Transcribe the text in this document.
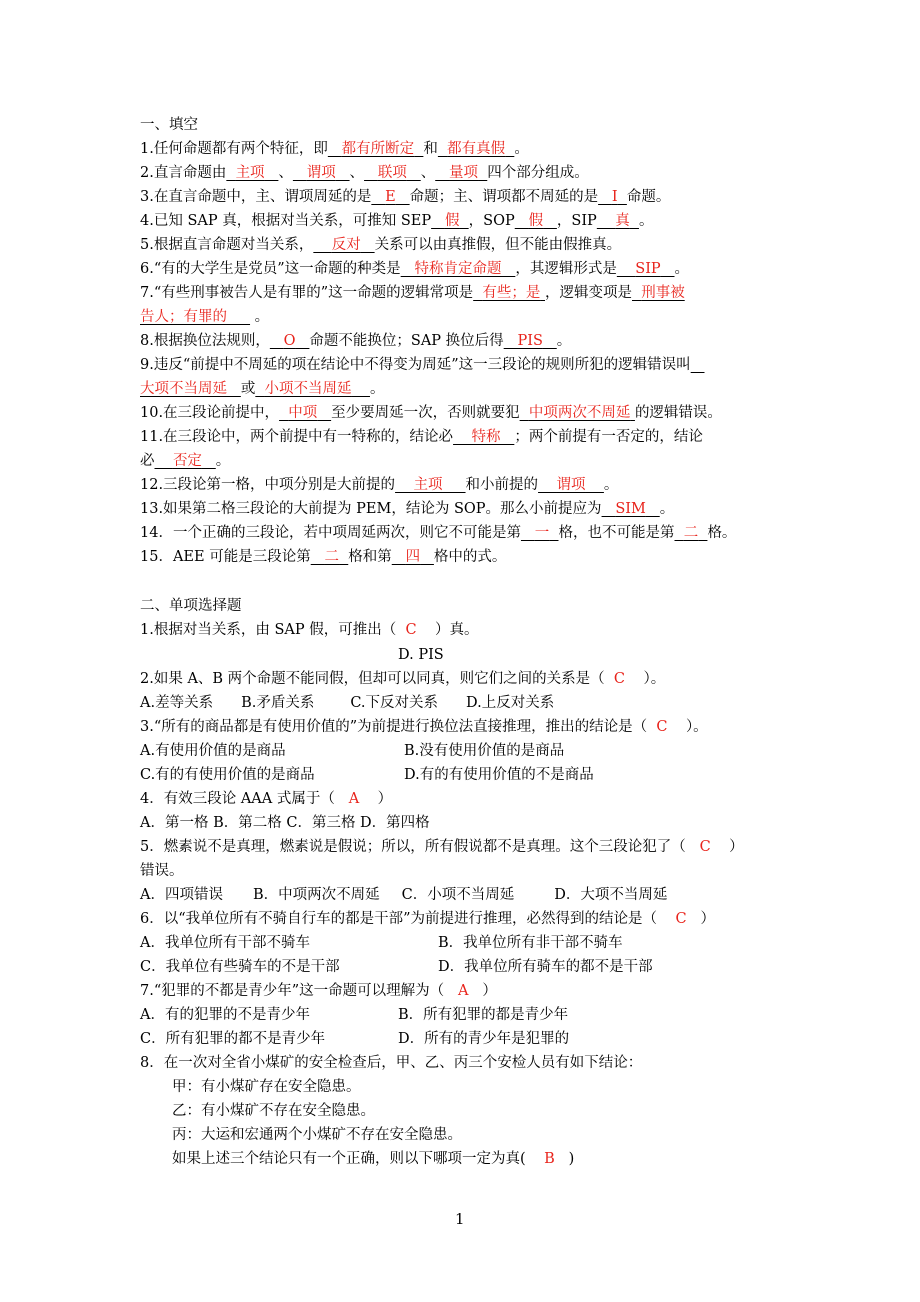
一、填空
1.任何命题都有两个特征，即 都有所断定 和 都有真假 。
2.直言命题由 主项 、 谓项 、 联项 、 量项 四个部分组成。
3.在直言命题中，主、谓项周延的是 E 命题；主、谓项都不周延的是 I 命题。
4.已知 SAP 真，根据对当关系，可推知 SEP 假 ，SOP 假 ，SIP 真 。
5.根据直言命题对当关系， 反对 关系可以由真推假，但不能由假推真。
6.“有的大学生是党员”这一命题的种类是 特称肯定命题 ，其逻辑形式是 SIP 。
7.“有些刑事被告人是有罪的”这一命题的逻辑常项是 有些；是 ，逻辑变项是 刑事被
告人；有罪的 。
8.根据换位法规则， O 命题不能换位；SAP 换位后得 PIS 。
9.违反“前提中不周延的项在结论中不得变为周延”这一三段论的规则所犯的逻辑错误叫
大项不当周延 或 小项不当周延 。
10.在三段论前提中， 中项 至少要周延一次，否则就要犯 中项两次不周延 的逻辑错误。
11.在三段论中，两个前提中有一特称的，结论必 特称 ；两个前提有一否定的，结论
必 否定 。
12.三段论第一格，中项分别是大前提的 主项 和小前提的 谓项 。
13.如果第二格三段论的大前提为 PEM，结论为 SOP。那么小前提应为 SIM 。
14．一个正确的三段论，若中项周延两次，则它不可能是第 一 格，也不可能是第 二 格。
15．AEE 可能是三段论第 二 格和第 四 格中的式。
二、单项选择题
1.根据对当关系，由 SAP 假，可推出（ C ）真。
D. PIS
2.如果 A、B 两个命题不能同假，但却可以同真，则它们之间的关系是（ C ）。
A.差等关系 B.矛盾关系 C.下反对关系 D.上反对关系
3.“所有的商品都是有使用价值的”为前提进行换位法直接推理，推出的结论是（ C ）。
A.有使用价值的是商品	B.没有使用价值的是商品
C.有的有使用价值的是商品	D.有的有使用价值的不是商品
4．有效三段论 AAA 式属于（ A ）
A．第一格 B．第二格 C．第三格 D．第四格
5．燃素说不是真理，燃素说是假说；所以，所有假说都不是真理。这个三段论犯了（ C ）
错误。
A．四项错误 B．中项两次不周延 C．小项不当周延	D．大项不当周延
6．以“我单位所有不骑自行车的都是干部”为前提进行推理，必然得到的结论是（ C ）
A．我单位所有干部不骑车	B．我单位所有非干部不骑车
C．我单位有些骑车的不是干部	D．我单位所有骑车的都不是干部
7.“犯罪的不都是青少年”这一命题可以理解为（ A ）
A．有的犯罪的不是青少年	B．所有犯罪的都是青少年
C．所有犯罪的都不是青少年	D．所有的青少年是犯罪的
8．在一次对全省小煤矿的安全检查后，甲、乙、丙三个安检人员有如下结论：
甲：有小煤矿存在安全隐患。
乙：有小煤矿不存在安全隐患。
丙：大运和宏通两个小煤矿不存在安全隐患。
如果上述三个结论只有一个正确，则以下哪项一定为真( B )
1
